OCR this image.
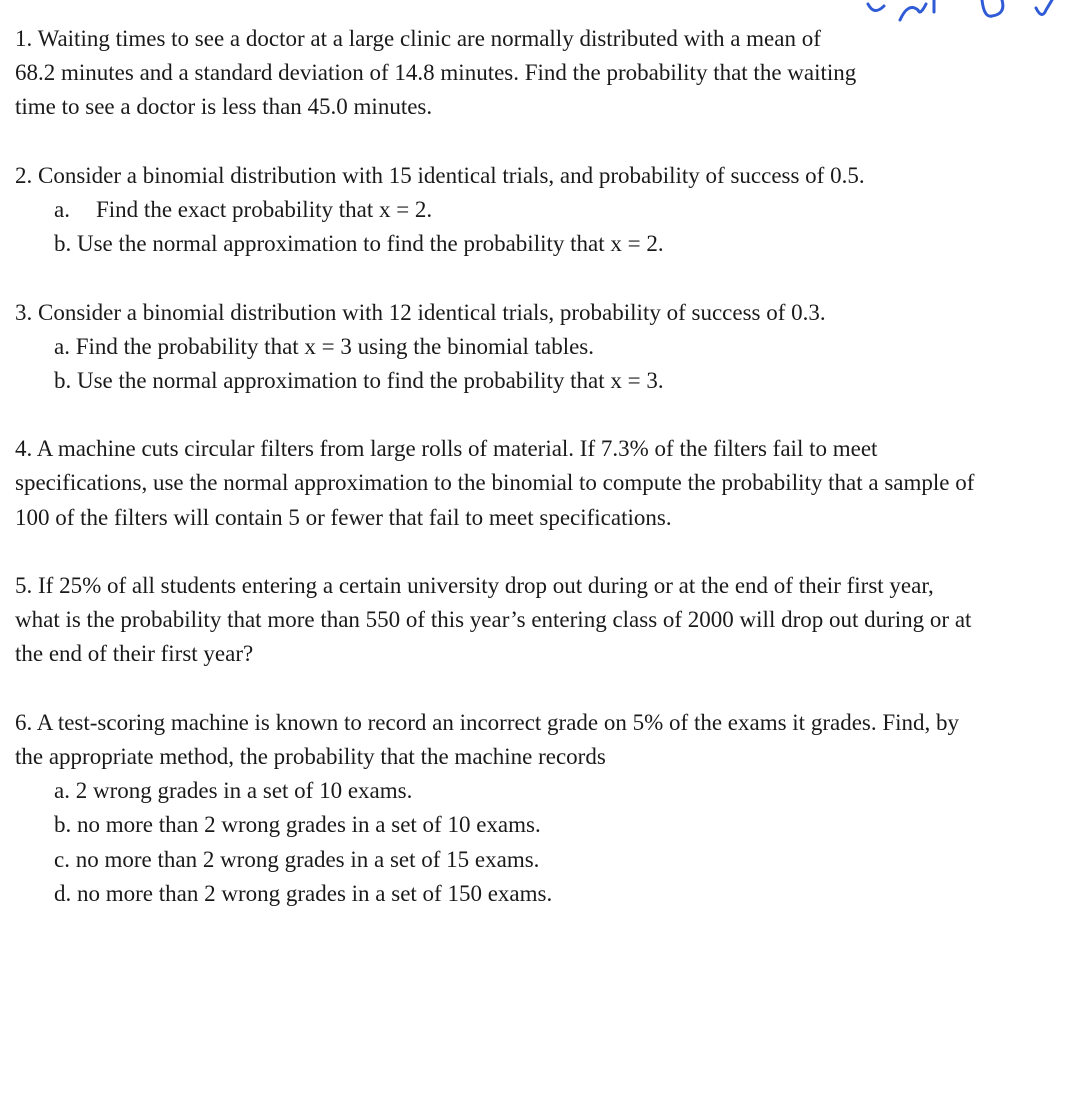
1. Waiting times to see a doctor at a large clinic are normally distributed with a mean of
68.2 minutes and a standard deviation of 14.8 minutes. Find the probability that the waiting
time to see a doctor is less than 45.0 minutes.
2. Consider a binomial distribution with 15 identical trials, and probability of success of 0.5.
a. Find the exact probability that x = 2.
b. Use the normal approximation to find the probability that x = 2.
3. Consider a binomial distribution with 12 identical trials, probability of success of 0.3.
a. Find the probability that x = 3 using the binomial tables.
b. Use the normal approximation to find the probability that x = 3.
4. A machine cuts circular filters from large rolls of material. If 7.3% of the filters fail to meet
specifications, use the normal approximation to the binomial to compute the probability that a sample of
100 of the filters will contain 5 or fewer that fail to meet specifications.
5. If 25% of all students entering a certain university drop out during or at the end of their first year,
what is the probability that more than 550 of this year’s entering class of 2000 will drop out during or at
the end of their first year?
6. A test-scoring machine is known to record an incorrect grade on 5% of the exams it grades. Find, by
the appropriate method, the probability that the machine records
a. 2 wrong grades in a set of 10 exams.
b. no more than 2 wrong grades in a set of 10 exams.
c. no more than 2 wrong grades in a set of 15 exams.
d. no more than 2 wrong grades in a set of 150 exams.
